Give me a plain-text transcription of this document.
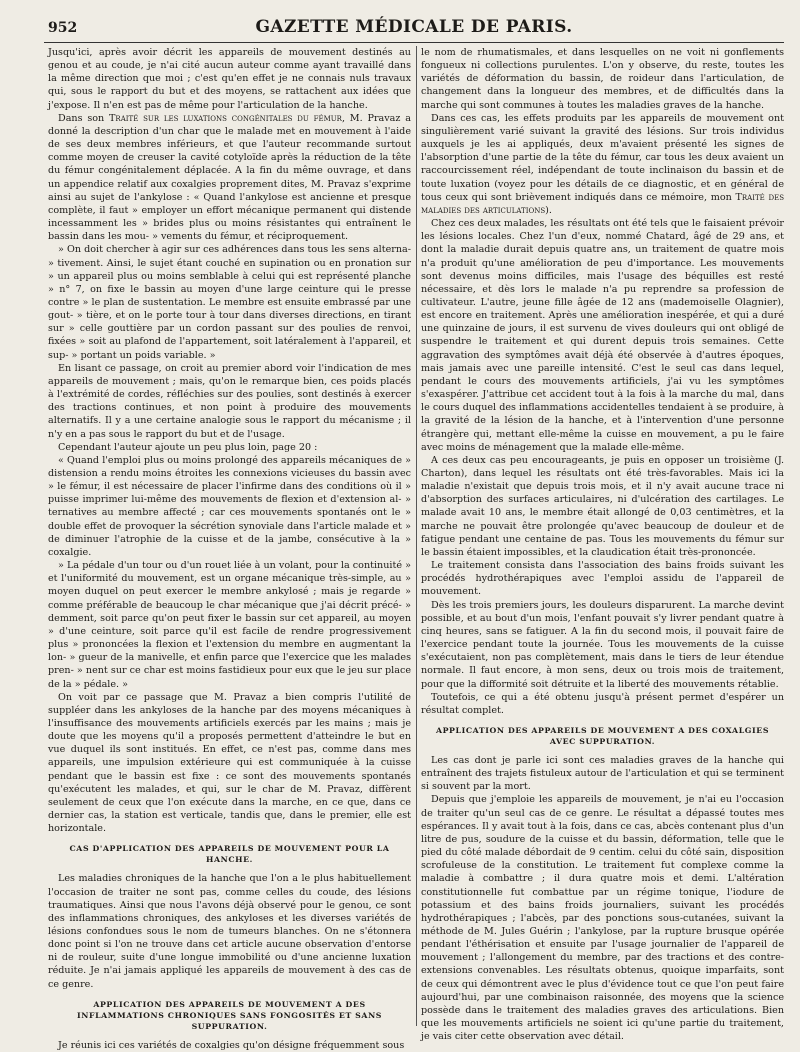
952	GAZETTE MÉDICALE DE PARIS.

Jusqu'ici, après avoir décrit les appareils de mouvement destinés au genou et au coude, je n'ai cité aucun auteur comme ayant travaillé dans la même direction que moi ; c'est qu'en effet je ne connais nuls travaux qui, sous le rapport du but et des moyens, se rattachent aux idées que j'expose. Il n'en est pas de même pour l'articulation de la hanche.

Dans son Traité sur les luxations congénitales du fémur, M. Pravaz a donné la description d'un char que le malade met en mouvement à l'aide de ses deux membres inférieurs, et que l'auteur recommande surtout comme moyen de creuser la cavité cotyloïde après la réduction de la tête du fémur congénitalement déplacée. A la fin du même ouvrage, et dans un appendice relatif aux coxalgies proprement dites, M. Pravaz s'exprime ainsi au sujet de l'ankylose : « Quand l'ankylose est ancienne et presque complète, il faut » employer un effort mécanique permanent qui distende incessamment les » brides plus ou moins résistantes qui entraînent le bassin dans les mou- » vements du fémur, et réciproquement.

» On doit chercher à agir sur ces adhérences dans tous les sens alterna- » tivement. Ainsi, le sujet étant couché en supination ou en pronation sur » un appareil plus ou moins semblable à celui qui est représenté planche » n° 7, on fixe le bassin au moyen d'une large ceinture qui le presse contre » le plan de sustentation. Le membre est ensuite embrassé par une gout- » tière, et on le porte tour à tour dans diverses directions, en tirant sur » celle gouttière par un cordon passant sur des poulies de renvoi, fixées » soit au plafond de l'appartement, soit latéralement à l'appareil, et sup- » portant un poids variable. »

En lisant ce passage, on croit au premier abord voir l'indication de mes appareils de mouvement ; mais, qu'on le remarque bien, ces poids placés à l'extrémité de cordes, réfléchies sur des poulies, sont destinés à exercer des tractions continues, et non point à produire des mouvements alternatifs. Il y a une certaine analogie sous le rapport du mécanisme ; il n'y en a pas sous le rapport du but et de l'usage.

Cependant l'auteur ajoute un peu plus loin, page 20 :

« Quand l'emploi plus ou moins prolongé des appareils mécaniques de » distension a rendu moins étroites les connexions vicieuses du bassin avec » le fémur, il est nécessaire de placer l'infirme dans des conditions où il » puisse imprimer lui-même des mouvements de flexion et d'extension al- » ternatives au membre affecté ; car ces mouvements spontanés ont le » double effet de provoquer la sécrétion synoviale dans l'article malade et » de diminuer l'atrophie de la cuisse et de la jambe, consécutive à la » coxalgie.

» La pédale d'un tour ou d'un rouet liée à un volant, pour la continuité » et l'uniformité du mouvement, est un organe mécanique très-simple, au » moyen duquel on peut exercer le membre ankylosé ; mais je regarde » comme préférable de beaucoup le char mécanique que j'ai décrit précé- » demment, soit parce qu'on peut fixer le bassin sur cet appareil, au moyen » d'une ceinture, soit parce qu'il est facile de rendre progressivement plus » prononcées la flexion et l'extension du membre en augmentant la lon- » gueur de la manivelle, et enfin parce que l'exercice que les malades pren- » nent sur ce char est moins fastidieux pour eux que le jeu sur place de la » pédale. »

On voit par ce passage que M. Pravaz a bien compris l'utilité de suppléer dans les ankyloses de la hanche par des moyens mécaniques à l'insuffisance des mouvements artificiels exercés par les mains ; mais je doute que les moyens qu'il a proposés permettent d'atteindre le but en vue duquel ils sont institués. En effet, ce n'est pas, comme dans mes appareils, une impulsion extérieure qui est communiquée à la cuisse pendant que le bassin est fixe : ce sont des mouvements spontanés qu'exécutent les malades, et qui, sur le char de M. Pravaz, diffèrent seulement de ceux que l'on exécute dans la marche, en ce que, dans ce dernier cas, la station est verticale, tandis que, dans le premier, elle est horizontale.

CAS D'APPLICATION DES APPAREILS DE MOUVEMENT POUR LA HANCHE.

Les maladies chroniques de la hanche que l'on a le plus habituellement l'occasion de traiter ne sont pas, comme celles du coude, des lésions traumatiques. Ainsi que nous l'avons déjà observé pour le genou, ce sont des inflammations chroniques, des ankyloses et les diverses variétés de lésions confondues sous le nom de tumeurs blanches. On ne s'étonnera donc point si l'on ne trouve dans cet article aucune observation d'entorse ni de rouleur, suite d'une longue immobilité ou d'une ancienne luxation réduite. Je n'ai jamais appliqué les appareils de mouvement à des cas de ce genre.

APPLICATION DES APPAREILS DE MOUVEMENT A DES INFLAMMATIONS CHRONIQUES SANS FONGOSITÉS ET SANS SUPPURATION.

Je réunis ici ces variétés de coxalgies qu'on désigne fréquemment sous

le nom de rhumatismales, et dans lesquelles on ne voit ni gonflements fongueux ni collections purulentes. L'on y observe, du reste, toutes les variétés de déformation du bassin, de roideur dans l'articulation, de changement dans la longueur des membres, et de difficultés dans la marche qui sont communes à toutes les maladies graves de la hanche.

Dans ces cas, les effets produits par les appareils de mouvement ont singulièrement varié suivant la gravité des lésions. Sur trois individus auxquels je les ai appliqués, deux m'avaient présenté les signes de l'absorption d'une partie de la tête du fémur, car tous les deux avaient un raccourcissement réel, indépendant de toute inclinaison du bassin et de toute luxation (voyez pour les détails de ce diagnostic, et en général de tous ceux qui sont brièvement indiqués dans ce mémoire, mon Traité des maladies des articulations).

Chez ces deux malades, les résultats ont été tels que le faisaient prévoir les lésions locales. Chez l'un d'eux, nommé Chatard, âgé de 29 ans, et dont la maladie durait depuis quatre ans, un traitement de quatre mois n'a produit qu'une amélioration de peu d'importance. Les mouvements sont devenus moins difficiles, mais l'usage des béquilles est resté nécessaire, et dès lors le malade n'a pu reprendre sa profession de cultivateur. L'autre, jeune fille âgée de 12 ans (mademoiselle Olagnier), est encore en traitement. Après une amélioration inespérée, et qui a duré une quinzaine de jours, il est survenu de vives douleurs qui ont obligé de suspendre le traitement et qui durent depuis trois semaines. Cette aggravation des symptômes avait déjà été observée à d'autres époques, mais jamais avec une pareille intensité. C'est le seul cas dans lequel, pendant le cours des mouvements artificiels, j'ai vu les symptômes s'exaspérer. J'attribue cet accident tout à la fois à la marche du mal, dans le cours duquel des inflammations accidentelles tendaient à se produire, à la gravité de la lésion de la hanche, et à l'intervention d'une personne étrangère qui, mettant elle-même la cuisse en mouvement, a pu le faire avec moins de ménagement que la malade elle-même.

A ces deux cas peu encourageants, je puis en opposer un troisième (J. Charton), dans lequel les résultats ont été très-favorables. Mais ici la maladie n'existait que depuis trois mois, et il n'y avait aucune trace ni d'absorption des surfaces articulaires, ni d'ulcération des cartilages. Le malade avait 10 ans, le membre était allongé de 0,03 centimètres, et la marche ne pouvait être prolongée qu'avec beaucoup de douleur et de fatigue pendant une centaine de pas. Tous les mouvements du fémur sur le bassin étaient impossibles, et la claudication était très-prononcée.

Le traitement consista dans l'association des bains froids suivant les procédés hydrothérapiques avec l'emploi assidu de l'appareil de mouvement.

Dès les trois premiers jours, les douleurs disparurent. La marche devint possible, et au bout d'un mois, l'enfant pouvait s'y livrer pendant quatre à cinq heures, sans se fatiguer. A la fin du second mois, il pouvait faire de l'exercice pendant toute la journée. Tous les mouvements de la cuisse s'exécutaient, non pas complètement, mais dans le tiers de leur étendue normale. Il faut encore, à mon sens, deux ou trois mois de traitement, pour que la difformité soit détruite et la liberté des mouvements rétablie.

Toutefois, ce qui a été obtenu jusqu'à présent permet d'espérer un résultat complet.

APPLICATION DES APPAREILS DE MOUVEMENT A DES COXALGIES AVEC SUPPURATION.

Les cas dont je parle ici sont ces maladies graves de la hanche qui entraînent des trajets fistuleux autour de l'articulation et qui se terminent si souvent par la mort.

Depuis que j'emploie les appareils de mouvement, je n'ai eu l'occasion de traiter qu'un seul cas de ce genre. Le résultat a dépassé toutes mes espérances. Il y avait tout à la fois, dans ce cas, abcès contenant plus d'un litre de pus, soudure de la cuisse et du bassin, déformation, telle que le pied du côté malade débordait de 9 centim. celui du côté sain, disposition scrofuleuse de la constitution. Le traitement fut complexe comme la maladie à combattre ; il dura quatre mois et demi. L'altération constitutionnelle fut combattue par un régime tonique, l'iodure de potassium et des bains froids journaliers, suivant les procédés hydrothérapiques ; l'abcès, par des ponctions sous-cutanées, suivant la méthode de M. Jules Guérin ; l'ankylose, par la rupture brusque opérée pendant l'éthérisation et ensuite par l'usage journalier de l'appareil de mouvement ; l'allongement du membre, par des tractions et des contre-extensions convenables. Les résultats obtenus, quoique imparfaits, sont de ceux qui démontrent avec le plus d'évidence tout ce que l'on peut faire aujourd'hui, par une combinaison raisonnée, des moyens que la science possède dans le traitement des maladies graves des articulations. Bien que les mouvements artificiels ne soient ici qu'une partie du traitement, je vais citer cette observation avec détail.
